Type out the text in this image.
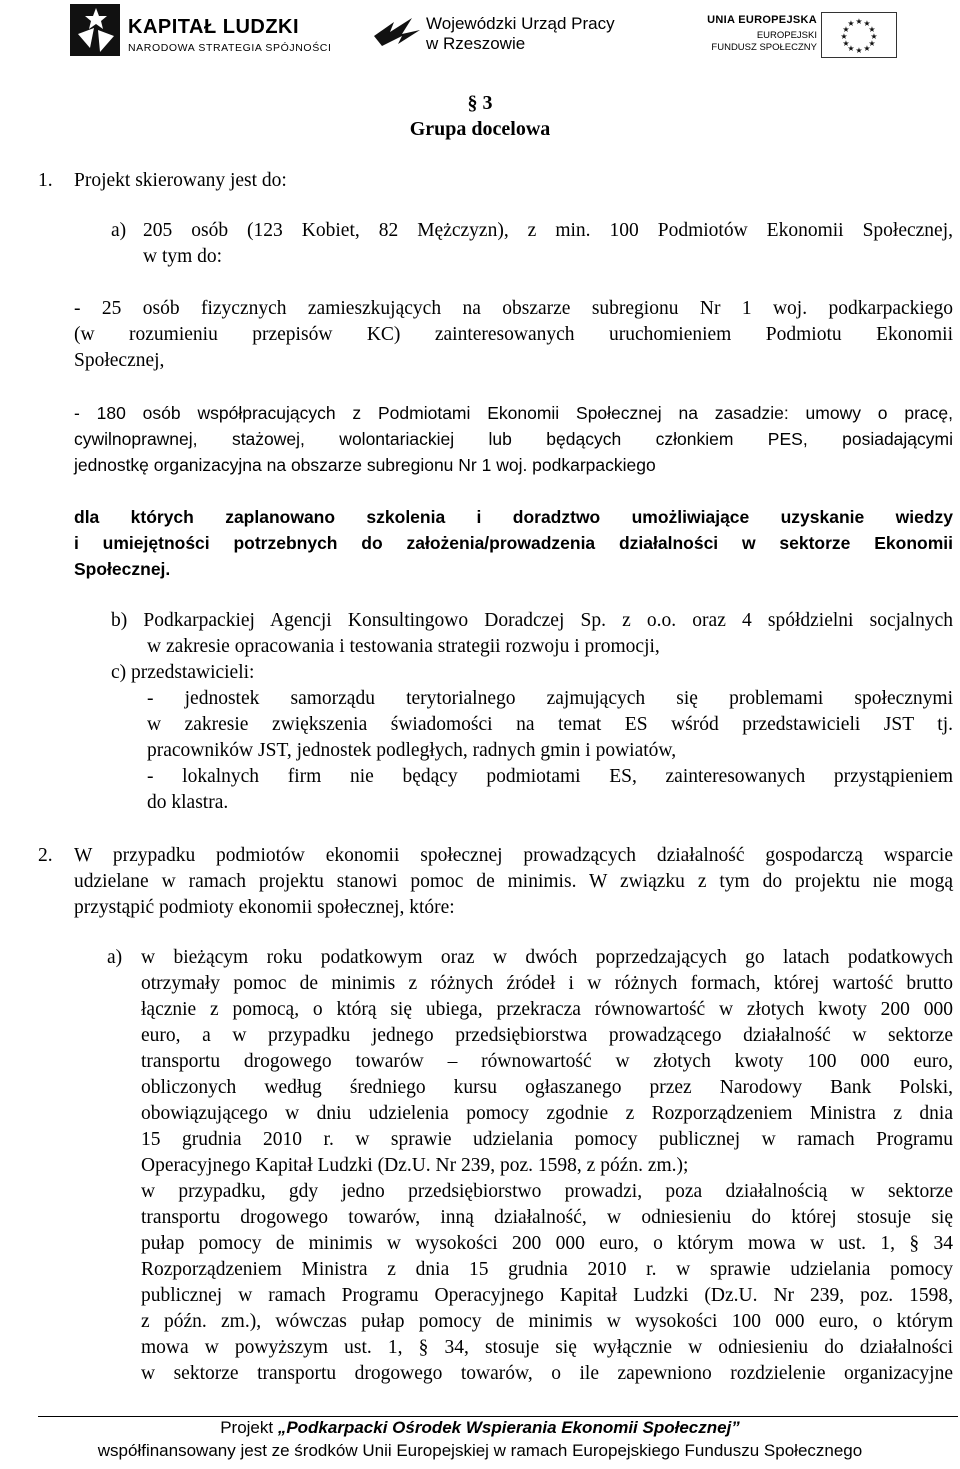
KAPITAŁ LUDZKI
NARODOWA STRATEGIA SPÓJNOŚCI
Wojewódzki Urząd Pracy
w Rzeszowie
UNIA EUROPEJSKA
EUROPEJSKI
FUNDUSZ SPOŁECZNY
★ ★
★
★
★
★
★
★
★
★
★
★
§ 3
Grupa docelowa
1. Projekt skierowany jest do:
a) 205 osób (123 Kobiet, 82 Mężczyzn), z min. 100 Podmiotów Ekonomii Społecznej,
w tym do:
- 25 osób fizycznych zamieszkujących na obszarze subregionu Nr 1 woj. podkarpackiego
(w rozumieniu przepisów KC) zainteresowanych uruchomieniem Podmiotu Ekonomii
Społecznej,
- 180 osób współpracujących z Podmiotami Ekonomii Społecznej na zasadzie: umowy o pracę,
cywilnoprawnej, stażowej, wolontariackiej lub będących członkiem PES, posiadającymi
jednostkę organizacyjna na obszarze subregionu Nr 1 woj. podkarpackiego
dla których zaplanowano szkolenia i doradztwo umożliwiające uzyskanie wiedzy
i umiejętności potrzebnych do założenia/prowadzenia działalności w sektorze Ekonomii
Społecznej.
b) Podkarpackiej Agencji Konsultingowo Doradczej Sp. z o.o. oraz 4 spółdzielni socjalnych
w zakresie opracowania i testowania strategii rozwoju i promocji,
c) przedstawicieli:
- jednostek samorządu terytorialnego zajmujących się problemami społecznymi
w zakresie zwiększenia świadomości na temat ES wśród przedstawicieli JST tj.
pracowników JST, jednostek podległych, radnych gmin i powiatów,
- lokalnych firm nie będący podmiotami ES, zainteresowanych przystąpieniem
do klastra.
2. W przypadku podmiotów ekonomii społecznej prowadzących działalność gospodarczą wsparcie
udzielane w ramach projektu stanowi pomoc de minimis. W związku z tym do projektu nie mogą
przystąpić podmioty ekonomii społecznej, które:
a) w bieżącym roku podatkowym oraz w dwóch poprzedzających go latach podatkowych
otrzymały pomoc de minimis z różnych źródeł i w różnych formach, której wartość brutto
łącznie z pomocą, o którą się ubiega, przekracza równowartość w złotych kwoty 200 000
euro, a w przypadku jednego przedsiębiorstwa prowadzącego działalność w sektorze
transportu drogowego towarów – równowartość w złotych kwoty 100 000 euro,
obliczonych według średniego kursu ogłaszanego przez Narodowy Bank Polski,
obowiązującego w dniu udzielenia pomocy zgodnie z Rozporządzeniem Ministra z dnia
15 grudnia 2010 r. w sprawie udzielania pomocy publicznej w ramach Programu
Operacyjnego Kapitał Ludzki (Dz.U. Nr 239, poz. 1598, z późn. zm.);
w przypadku, gdy jedno przedsiębiorstwo prowadzi, poza działalnością w sektorze
transportu drogowego towarów, inną działalność, w odniesieniu do której stosuje się
pułap pomocy de minimis w wysokości 200 000 euro, o którym mowa w ust. 1, § 34
Rozporządzeniem Ministra z dnia 15 grudnia 2010 r. w sprawie udzielania pomocy
publicznej w ramach Programu Operacyjnego Kapitał Ludzki (Dz.U. Nr 239, poz. 1598,
z późn. zm.), wówczas pułap pomocy de minimis w wysokości 100 000 euro, o którym
mowa w powyższym ust. 1, § 34, stosuje się wyłącznie w odniesieniu do działalności
w sektorze transportu drogowego towarów, o ile zapewniono rozdzielenie organizacyjne
Projekt „Podkarpacki Ośrodek Wspierania Ekonomii Społecznej”
współfinansowany jest ze środków Unii Europejskiej w ramach Europejskiego Funduszu Społecznego
